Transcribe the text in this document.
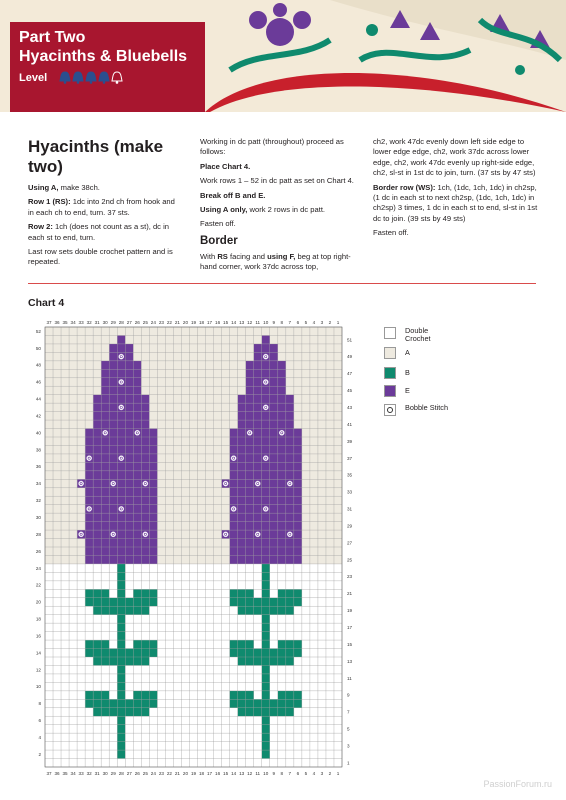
Part Two
Hyacinths & Bluebells
Level

Hyacinths (make two)

Using A, make 38ch.

Row 1 (RS): 1dc into 2nd ch from hook and in each ch to end, turn. 37 sts.

Row 2: 1ch (does not count as a st), dc in each st to end, turn.

Last row sets double crochet pattern and is repeated.

Working in dc patt (throughout) proceed as follows:

Place Chart 4.

Work rows 1 – 52 in dc patt as set on Chart 4.

Break off B and E.

Using A only, work 2 rows in dc patt.

Fasten off.

Border

With RS facing and using F, beg at top right-hand corner, work 37dc across top,

ch2, work 47dc evenly down left side edge to lower edge edge, ch2, work 37dc across lower edge, ch2, work 47dc evenly up right-side edge, ch2, sl-st in 1st dc to join, turn. (37 sts by 47 sts)

Border row (WS): 1ch, (1dc, 1ch, 1dc) in ch2sp, (1 dc in each st to next ch2sp, (1dc, 1ch, 1dc) in ch2sp) 3 times, 1 dc in each st to end, sl-st in 1st dc to join. (39 sts by 49 sts)

Fasten off.

Chart 4
1
1
2
2
3
3
4
4
5
5
6
6
7
7
8
8
9
9
10
10
11
11
12
12
13
13
14
14
15
15
16
16
17
17
18
18
19
19
20
20
21
21
22
22
23
23
24
24
25
25
26
26
27
27
28
28
29
29
30
30
31
31
32
32
33
33
34
34
35
35
36
36
37
37
1
2
3
4
5
6
7
8
9
10
11
12
13
14
15
16
17
18
19
20
21
22
23
24
25
26
27
28
29
30
31
32
33
34
35
36
37
38
39
40
41
42
43
44
45
46
47
48
49
50
51
52	Double Crochet
A
B
E
Bobble Stitch
PassionForum.ru
